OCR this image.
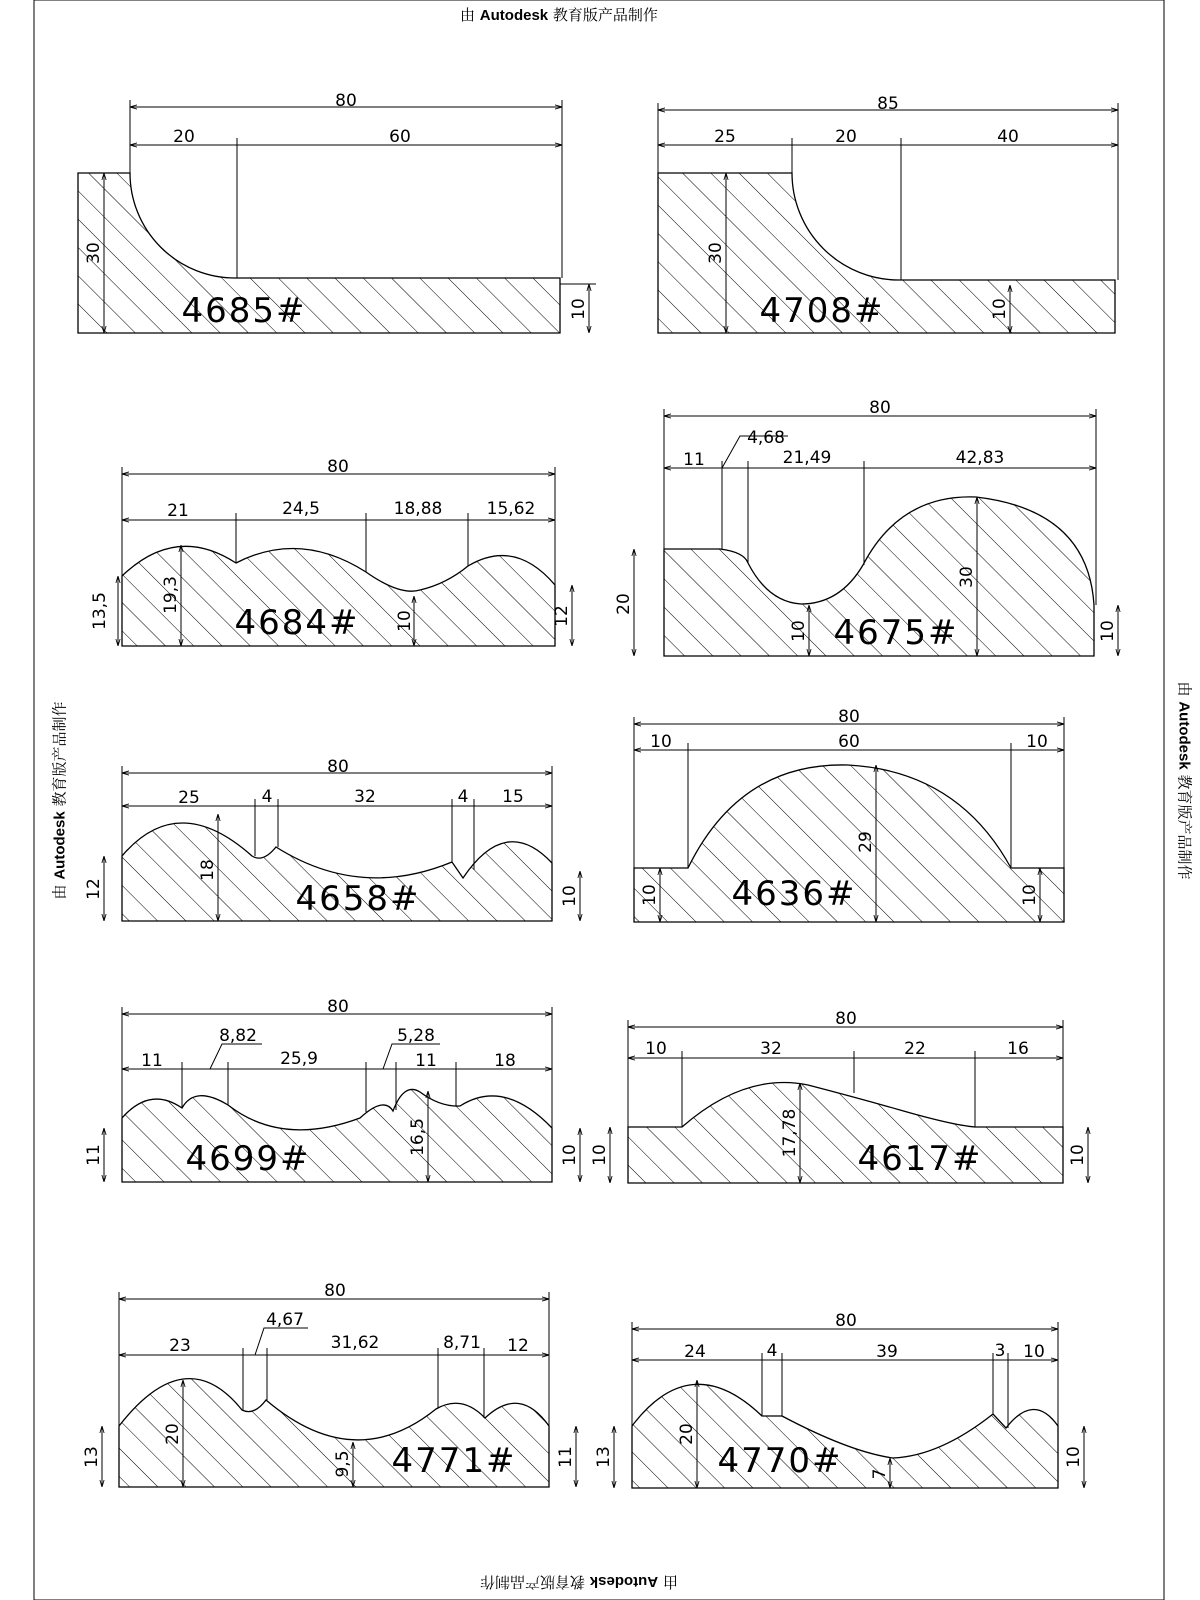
80
20	60
30
10
85
25	20	40
30
10
80
21	24,5	18,88	15,62
13,5	19,3
10	12
80
11
4,68
21,49	42,83
20
10
30
10
80
25	4	32	4 15
12
18
10
80
10	60	10
10
29
10
80
11
8,82
25,9
5,28
11	18
11	16,5	10
80
10	32	22	16
10	17,78	10
80
23
4,67
31,62	8,71 12
13
20
9,5	11
80
24	4	39	3 10
13
20
7
10
4685#	4708#
4684#	4675#
4658#	4636#
4699#	4617#
4771#	4770#
由 Autodesk 教育版产品制作
由 Autodesk 教育版产品制作
由 Autodesk 教育版产品制作
由 Autodesk 教育版产品制作
